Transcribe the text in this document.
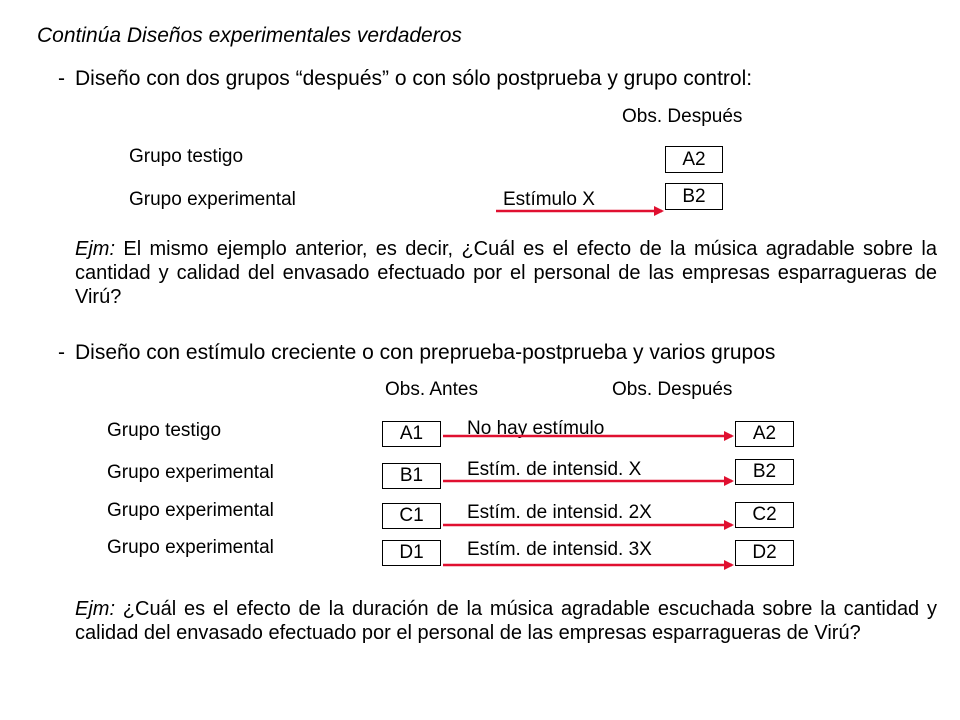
Continúa Diseños experimentales verdaderos
- Diseño con dos grupos “después” o con sólo postprueba y grupo control:
Obs. Después
Grupo testigo
Grupo experimental	Estímulo X
A2
B2
Ejm: El mismo ejemplo anterior, es decir, ¿Cuál es el efecto de la música agradable sobre la cantidad y calidad del envasado efectuado por el personal de las empresas esparragueras de Virú?
- Diseño con estímulo creciente o con preprueba-postprueba y varios grupos
Obs. Antes	Obs. Después
Grupo testigo
Grupo experimental
Grupo experimental
Grupo experimental
A1
B1
C1
D1
No hay estímulo
Estím. de intensid. X
Estím. de intensid. 2X
Estím. de intensid. 3X
A2
B2
C2
D2
Ejm: ¿Cuál es el efecto de la duración de la música agradable escuchada sobre la cantidad y calidad del envasado efectuado por el personal de las empresas esparragueras de Virú?
